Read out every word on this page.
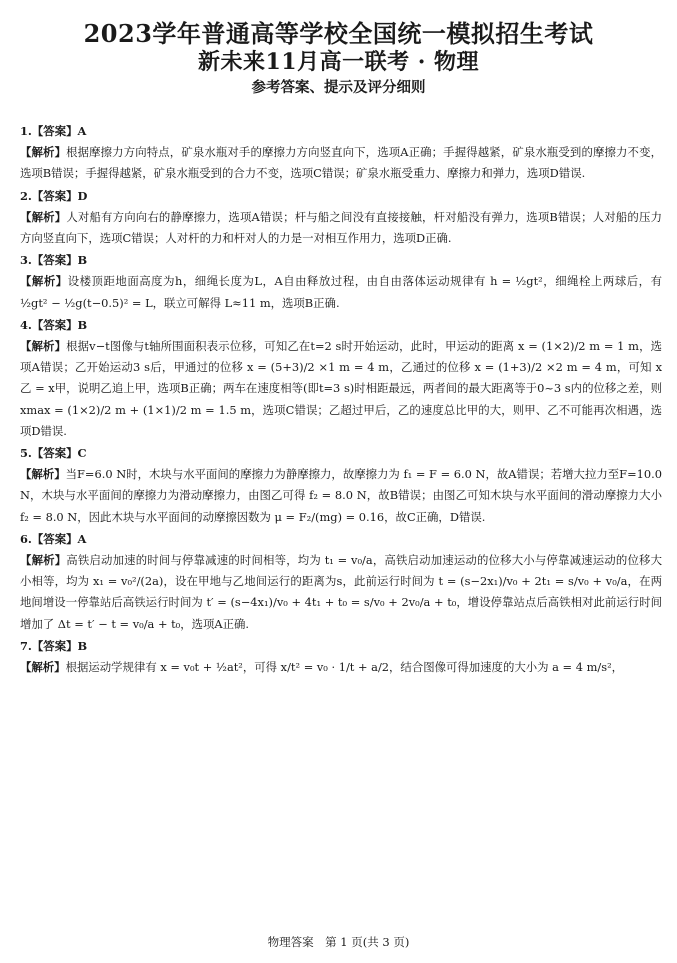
2023学年普通高等学校全国统一模拟招生考试
新未来11月高一联考 · 物理
参考答案、提示及评分细则
1.【答案】A
【解析】根据摩擦力方向特点，矿泉水瓶对手的摩擦力方向竖直向下，选项A正确；手握得越紧，矿泉水瓶受到的摩擦力不变，选项B错误；手握得越紧，矿泉水瓶受到的合力不变，选项C错误；矿泉水瓶受重力、摩擦力和弹力，选项D错误.
2.【答案】D
【解析】人对船有方向向右的静摩擦力，选项A错误；杆与船之间没有直接接触，杆对船没有弹力，选项B错误；人对船的压力方向竖直向下，选项C错误；人对杆的力和杆对人的力是一对相互作用力，选项D正确.
3.【答案】B
【解析】设楼顶距地面高度为h，细绳长度为L，A自由释放过程，由自由落体运动规律有 h = ½gt²，细绳栓上两球后，有 ½gt² − ½g(t−0.5)² = L，联立可解得 L≈11 m，选项B正确.
4.【答案】B
【解析】根据v−t图像与t轴所围面积表示位移，可知乙在t=2 s时开始运动，此时，甲运动的距离 x = (1×2)/2 m = 1 m，选项A错误；乙开始运动3 s后，甲通过的位移 x = (5+3)/2 ×1 m = 4 m，乙通过的位移 x = (1+3)/2 ×2 m = 4 m，可知 x乙 = x甲，说明乙追上甲，选项B正确；两车在速度相等(即t=3 s)时相距最远，两者间的最大距离等于0~3 s内的位移之差，则 xmax = (1×2)/2 m + (1×1)/2 m = 1.5 m，选项C错误；乙超过甲后，乙的速度总比甲的大，则甲、乙不可能再次相遇，选项D错误.
5.【答案】C
【解析】当F=6.0 N时，木块与水平面间的摩擦力为静摩擦力，故摩擦力为 f₁ = F = 6.0 N，故A错误；若增大拉力至F=10.0 N，木块与水平面间的摩擦力为滑动摩擦力，由图乙可得 f₂ = 8.0 N，故B错误；由图乙可知木块与水平面间的滑动摩擦力大小 f₂ = 8.0 N，因此木块与水平面间的动摩擦因数为 μ = F₂/(mg) = 0.16，故C正确，D错误.
6.【答案】A
【解析】高铁启动加速的时间与停靠减速的时间相等，均为 t₁ = v₀/a，高铁启动加速运动的位移大小与停靠减速运动的位移大小相等，均为 x₁ = v₀²/(2a)，设在甲地与乙地间运行的距离为s，此前运行时间为 t = (s−2x₁)/v₀ + 2t₁ = s/v₀ + v₀/a，在两地间增设一停靠站后高铁运行时间为 t′ = (s−4x₁)/v₀ + 4t₁ + t₀ = s/v₀ + 2v₀/a + t₀，增设停靠站点后高铁相对此前运行时间增加了 Δt = t′ − t = v₀/a + t₀，选项A正确.
7.【答案】B
【解析】根据运动学规律有 x = v₀t + ½at²，可得 x/t² = v₀ · 1/t + a/2，结合图像可得加速度的大小为 a = 4 m/s²，
物理答案　第 1 页(共 3 页)
